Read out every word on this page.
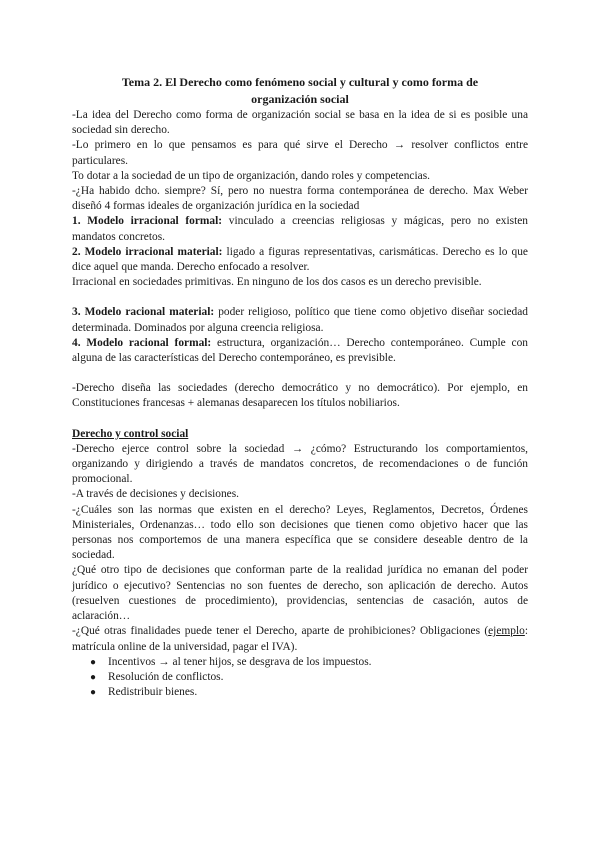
Tema 2. El Derecho como fenómeno social y cultural y como forma de organización social

-La idea del Derecho como forma de organización social se basa en la idea de si es posible una sociedad sin derecho.

-Lo primero en lo que pensamos es para qué sirve el Derecho → resolver conflictos entre particulares.

To dotar a la sociedad de un tipo de organización, dando roles y competencias.

-¿Ha habido dcho. siempre? Sí, pero no nuestra forma contemporánea de derecho. Max Weber diseñó 4 formas ideales de organización jurídica en la sociedad

1. Modelo irracional formal: vinculado a creencias religiosas y mágicas, pero no existen mandatos concretos.

2. Modelo irracional material: ligado a figuras representativas, carismáticas. Derecho es lo que dice aquel que manda. Derecho enfocado a resolver.

Irracional en sociedades primitivas. En ninguno de los dos casos es un derecho previsible.

3. Modelo racional material: poder religioso, político que tiene como objetivo diseñar sociedad determinada. Dominados por alguna creencia religiosa.

4. Modelo racional formal: estructura, organización… Derecho contemporáneo. Cumple con alguna de las características del Derecho contemporáneo, es previsible.

-Derecho diseña las sociedades (derecho democrático y no democrático). Por ejemplo, en Constituciones francesas + alemanas desaparecen los títulos nobiliarios.

Derecho y control social

-Derecho ejerce control sobre la sociedad → ¿cómo? Estructurando los comportamientos, organizando y dirigiendo a través de mandatos concretos, de recomendaciones o de función promocional.

-A través de decisiones y decisiones.

-¿Cuáles son las normas que existen en el derecho? Leyes, Reglamentos, Decretos, Órdenes Ministeriales, Ordenanzas… todo ello son decisiones que tienen como objetivo hacer que las personas nos comportemos de una manera específica que se considere deseable dentro de la sociedad.

¿Qué otro tipo de decisiones que conforman parte de la realidad jurídica no emanan del poder jurídico o ejecutivo? Sentencias no son fuentes de derecho, son aplicación de derecho. Autos (resuelven cuestiones de procedimiento), providencias, sentencias de casación, autos de aclaración…

-¿Qué otras finalidades puede tener el Derecho, aparte de prohibiciones? Obligaciones (ejemplo: matrícula online de la universidad, pagar el IVA).

● Incentivos → al tener hijos, se desgrava de los impuestos.
● Resolución de conflictos.
● Redistribuir bienes.
